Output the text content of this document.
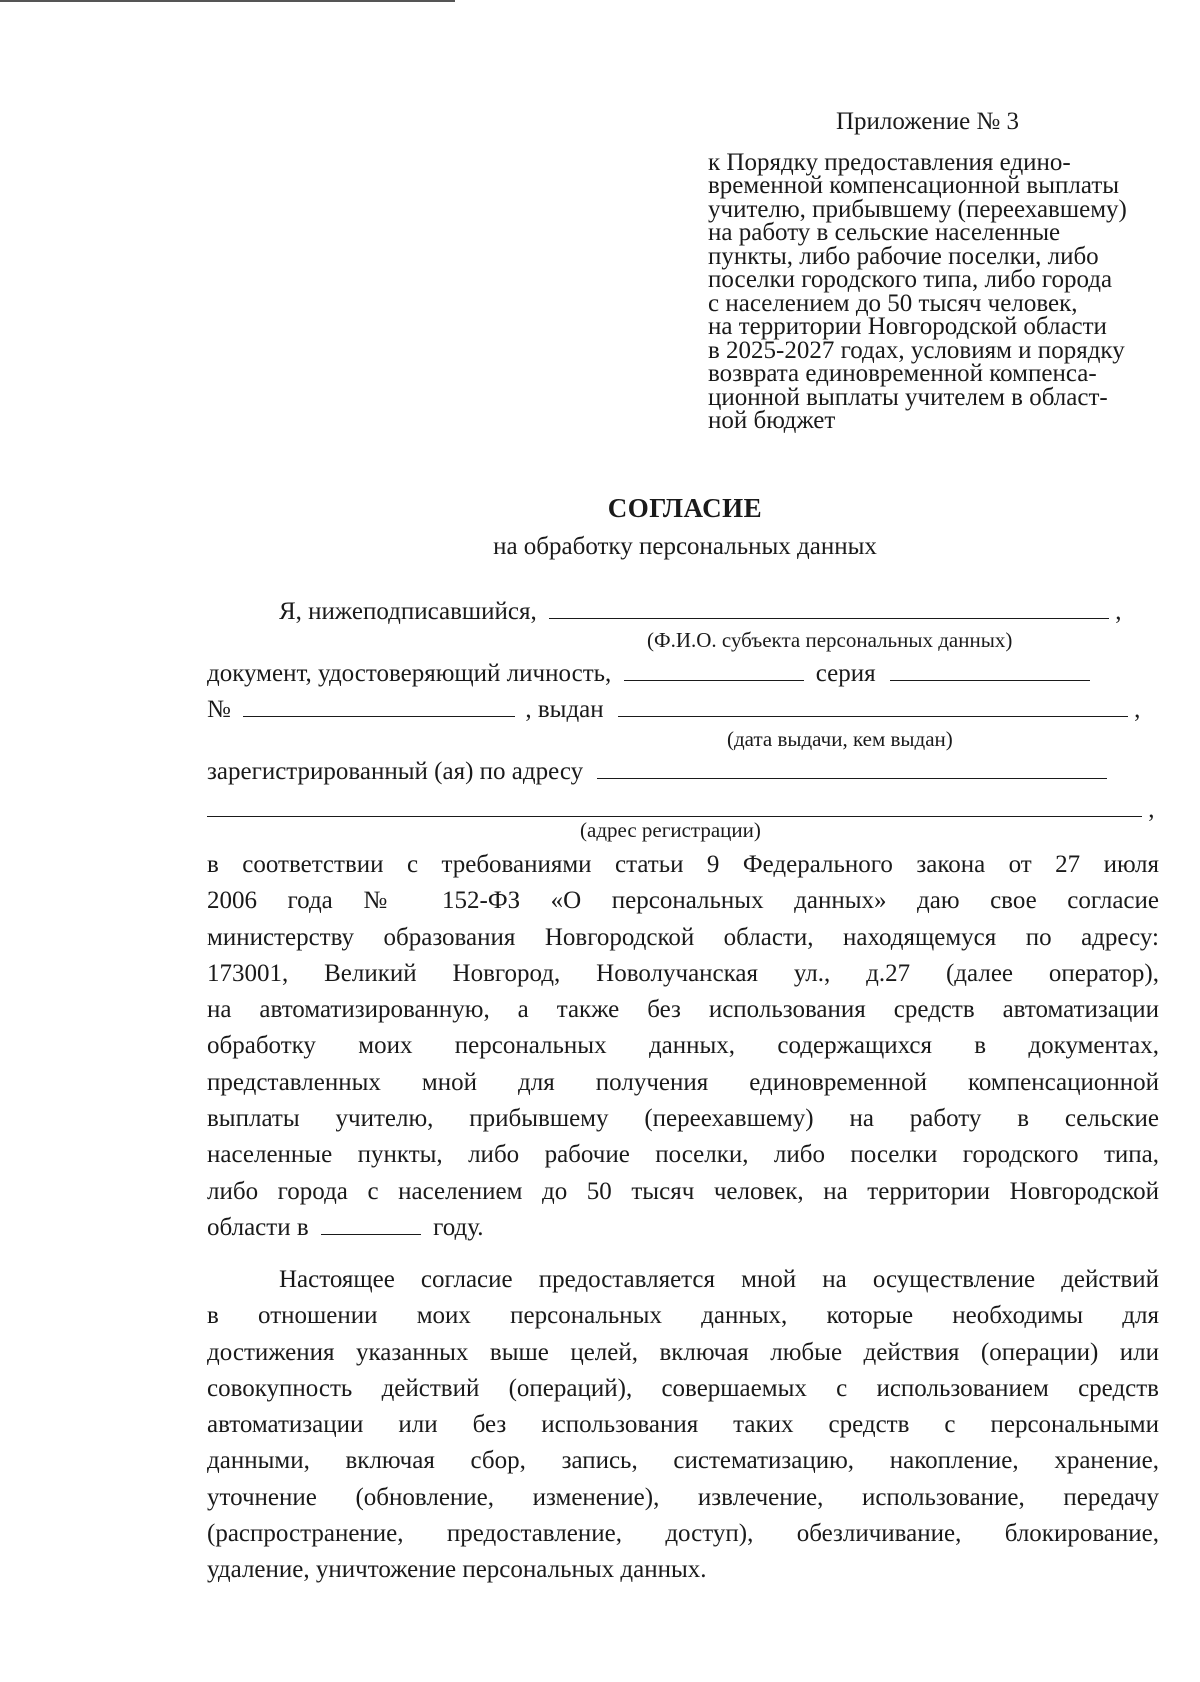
Приложение № 3
к Порядку предоставления едино-
временной компенсационной выплаты
учителю, прибывшему (переехавшему)
на работу в сельские населенные
пункты, либо рабочие поселки, либо
поселки городского типа, либо города
с населением до 50 тысяч человек,
на территории Новгородской области
в 2025-2027 годах, условиям и порядку
возврата единовременной компенса-
ционной выплаты учителем в област-
ной бюджет
СОГЛАСИЕ
на обработку персональных данных
Я, нижеподписавшийся,	,
(Ф.И.О. субъекта персональных данных)
документ, удостоверяющий личность,	серия
№	, выдан	,
(дата выдачи, кем выдан)
зарегистрированный (ая) по адресу
,
(адрес регистрации)
в соответствии с требованиями статьи 9 Федерального закона от 27 июля
2006 года № 152-ФЗ «О персональных данных» даю свое согласие
министерству образования Новгородской области, находящемуся по адресу:
173001, Великий Новгород, Новолучанская ул., д.27 (далее оператор),
на автоматизированную, а также без использования средств автоматизации
обработку моих персональных данных, содержащихся в документах,
представленных мной для получения единовременной компенсационной
выплаты учителю, прибывшему (переехавшему) на работу в сельские
населенные пункты, либо рабочие поселки, либо поселки городского типа,
либо города с населением до 50 тысяч человек, на территории Новгородской
области в	году.
Настоящее согласие предоставляется мной на осуществление действий
в отношении моих персональных данных, которые необходимы для
достижения указанных выше целей, включая любые действия (операции) или
совокупность действий (операций), совершаемых с использованием средств
автоматизации или без использования таких средств с персональными
данными, включая сбор, запись, систематизацию, накопление, хранение,
уточнение (обновление, изменение), извлечение, использование, передачу
(распространение, предоставление, доступ), обезличивание, блокирование,
удаление, уничтожение персональных данных.
